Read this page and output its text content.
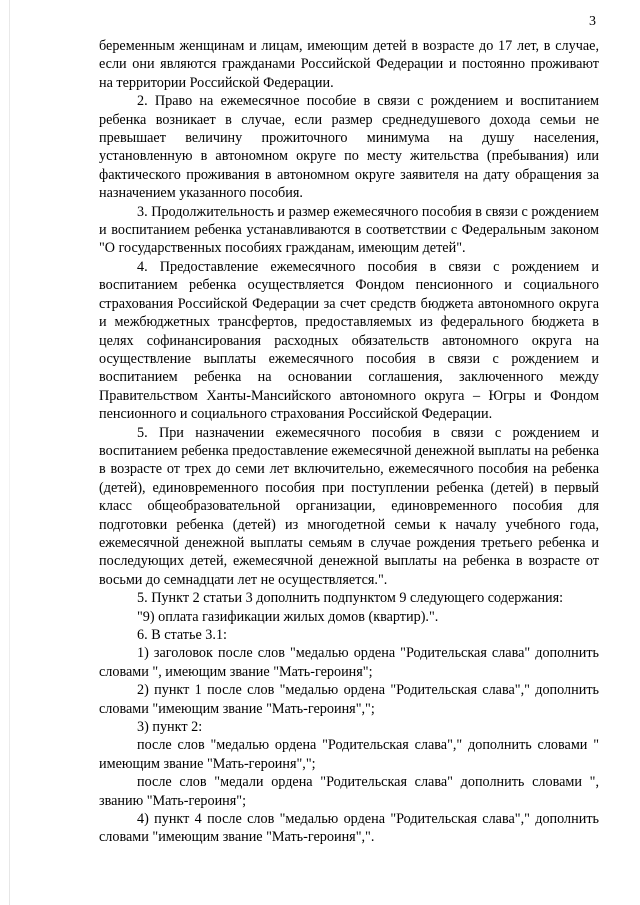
3

беременным женщинам и лицам, имеющим детей в возрасте до 17 лет, в случае, если они являются гражданами Российской Федерации и постоянно проживают на территории Российской Федерации.

2. Право на ежемесячное пособие в связи с рождением и воспитанием ребенка возникает в случае, если размер среднедушевого дохода семьи не превышает величину прожиточного минимума на душу населения, установленную в автономном округе по месту жительства (пребывания) или фактического проживания в автономном округе заявителя на дату обращения за назначением указанного пособия.

3. Продолжительность и размер ежемесячного пособия в связи с рождением и воспитанием ребенка устанавливаются в соответствии с Федеральным законом "О государственных пособиях гражданам, имеющим детей".

4. Предоставление ежемесячного пособия в связи с рождением и воспитанием ребенка осуществляется Фондом пенсионного и социального страхования Российской Федерации за счет средств бюджета автономного округа и межбюджетных трансфертов, предоставляемых из федерального бюджета в целях софинансирования расходных обязательств автономного округа на осуществление выплаты ежемесячного пособия в связи с рождением и воспитанием ребенка на основании соглашения, заключенного между Правительством Ханты-Мансийского автономного округа – Югры и Фондом пенсионного и социального страхования Российской Федерации.

5. При назначении ежемесячного пособия в связи с рождением и воспитанием ребенка предоставление ежемесячной денежной выплаты на ребенка в возрасте от трех до семи лет включительно, ежемесячного пособия на ребенка (детей), единовременного пособия при поступлении ребенка (детей) в первый класс общеобразовательной организации, единовременного пособия для подготовки ребенка (детей) из многодетной семьи к началу учебного года, ежемесячной денежной выплаты семьям в случае рождения третьего ребенка и последующих детей, ежемесячной денежной выплаты на ребенка в возрасте от восьми до семнадцати лет не осуществляется.".

5. Пункт 2 статьи 3 дополнить подпунктом 9 следующего содержания:

"9) оплата газификации жилых домов (квартир).".

6. В статье 3.1:

1) заголовок после слов "медалью ордена "Родительская слава" дополнить словами ", имеющим звание "Мать-героиня";

2) пункт 1 после слов "медалью ордена "Родительская слава"," дополнить словами "имеющим звание "Мать-героиня",";

3) пункт 2:

после слов "медалью ордена "Родительская слава"," дополнить словами " имеющим звание "Мать-героиня",";

после слов "медали ордена "Родительская слава" дополнить словами ", званию "Мать-героиня";

4) пункт 4 после слов "медалью ордена "Родительская слава"," дополнить словами "имеющим звание "Мать-героиня",".
